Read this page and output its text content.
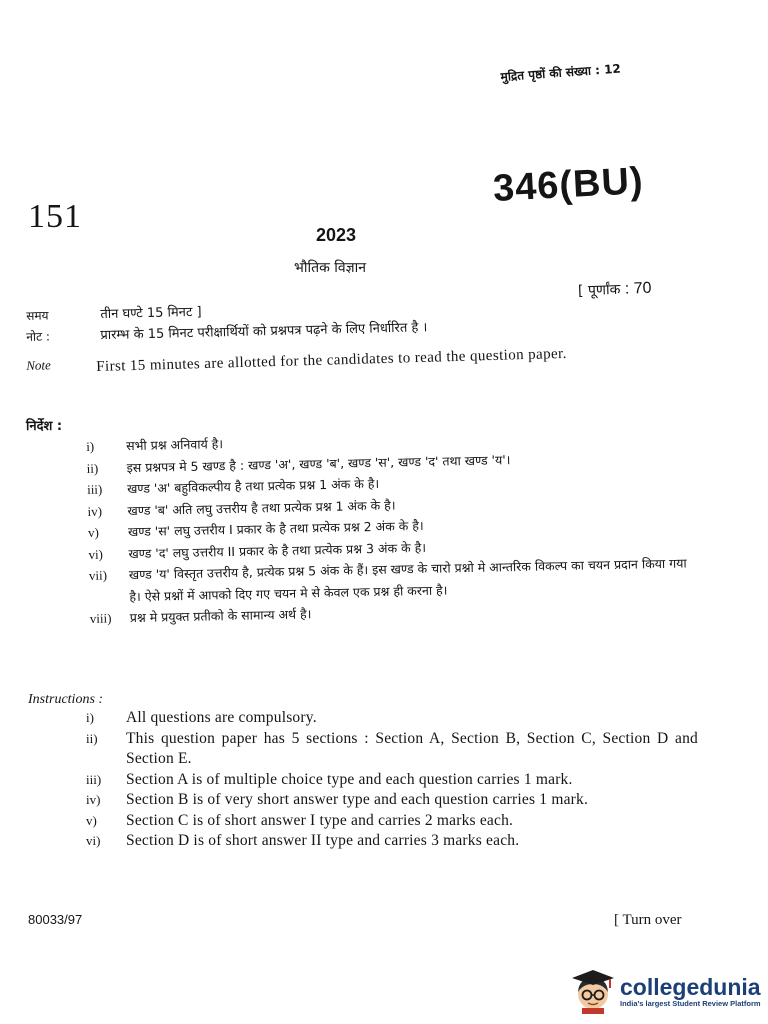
मुद्रित पृष्ठों की संख्या : 12
346(BU)
151	2023
भौतिक विज्ञान
[ पूर्णांक : 70
समय	तीन घण्टे 15 मिनट ]
नोट :	प्रारम्भ के 15 मिनट परीक्षार्थियों को प्रश्नपत्र पढ़ने के लिए निर्धारित है ।
Note	First 15 minutes are allotted for the candidates to read the question paper.
निर्देश :
i)	सभी प्रश्न अनिवार्य है।
ii)	इस प्रश्नपत्र मे 5 खण्ड है : खण्ड 'अ', खण्ड 'ब', खण्ड 'स', खण्ड 'द' तथा खण्ड 'य'।
iii)	खण्ड 'अ' बहुविकल्पीय है तथा प्रत्येक प्रश्न 1 अंक के है।
iv)	खण्ड 'ब' अति लघु उत्तरीय है तथा प्रत्येक प्रश्न 1 अंक के है।
v)	खण्ड 'स' लघु उत्तरीय I प्रकार के है तथा प्रत्येक प्रश्न 2 अंक के है।
vi)	खण्ड 'द' लघु उत्तरीय II प्रकार के है तथा प्रत्येक प्रश्न 3 अंक के है।
vii)	खण्ड 'य' विस्तृत उत्तरीय है, प्रत्येक प्रश्न 5 अंक के हैं। इस खण्ड के चारो प्रश्नो मे आन्तरिक विकल्प का चयन प्रदान किया गया है। ऐसे प्रश्नों में आपको दिए गए चयन मे से केवल एक प्रश्न ही करना है।
viii)	प्रश्न मे प्रयुक्त प्रतीको के सामान्य अर्थ है।
Instructions :
i)	All questions are compulsory.
ii)	This question paper has 5 sections : Section A, Section B, Section C, Section D and Section E.
iii)	Section A is of multiple choice type and each question carries 1 mark.
iv)	Section B is of very short answer type and each question carries 1 mark.
v)	Section C is of short answer I type and carries 2 marks each.
vi)	Section D is of short answer II type and carries 3 marks each.
80033/97	[ Turn over
collegedunia
India's largest Student Review Platform
